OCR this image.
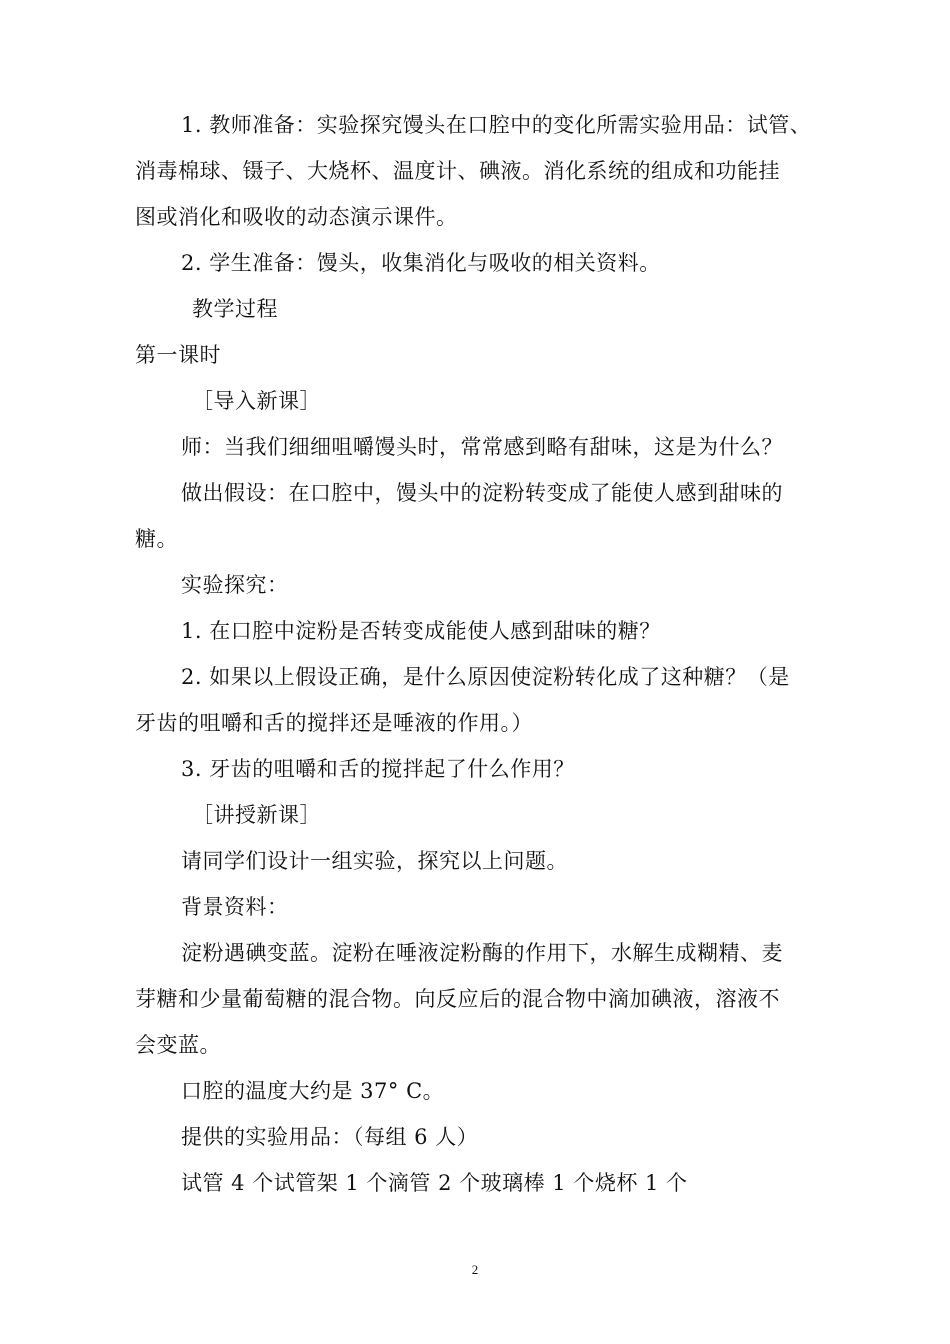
1. 教师准备：实验探究馒头在口腔中的变化所需实验用品：试管、
消毒棉球、镊子、大烧杯、温度计、碘液。消化系统的组成和功能挂
图或消化和吸收的动态演示课件。
2. 学生准备：馒头，收集消化与吸收的相关资料。
教学过程
第一课时
［导入新课］
师：当我们细细咀嚼馒头时，常常感到略有甜味，这是为什么？
做出假设：在口腔中，馒头中的淀粉转变成了能使人感到甜味的
糖。
实验探究：
1. 在口腔中淀粉是否转变成能使人感到甜味的糖？
2. 如果以上假设正确，是什么原因使淀粉转化成了这种糖？（是
牙齿的咀嚼和舌的搅拌还是唾液的作用。）
3. 牙齿的咀嚼和舌的搅拌起了什么作用？
［讲授新课］
请同学们设计一组实验，探究以上问题。
背景资料：
淀粉遇碘变蓝。淀粉在唾液淀粉酶的作用下，水解生成糊精、麦
芽糖和少量葡萄糖的混合物。向反应后的混合物中滴加碘液，溶液不
会变蓝。
口腔的温度大约是 37° C。
提供的实验用品：（每组 6 人）
试管 4 个试管架 1 个滴管 2 个玻璃棒 1 个烧杯 1 个
2
